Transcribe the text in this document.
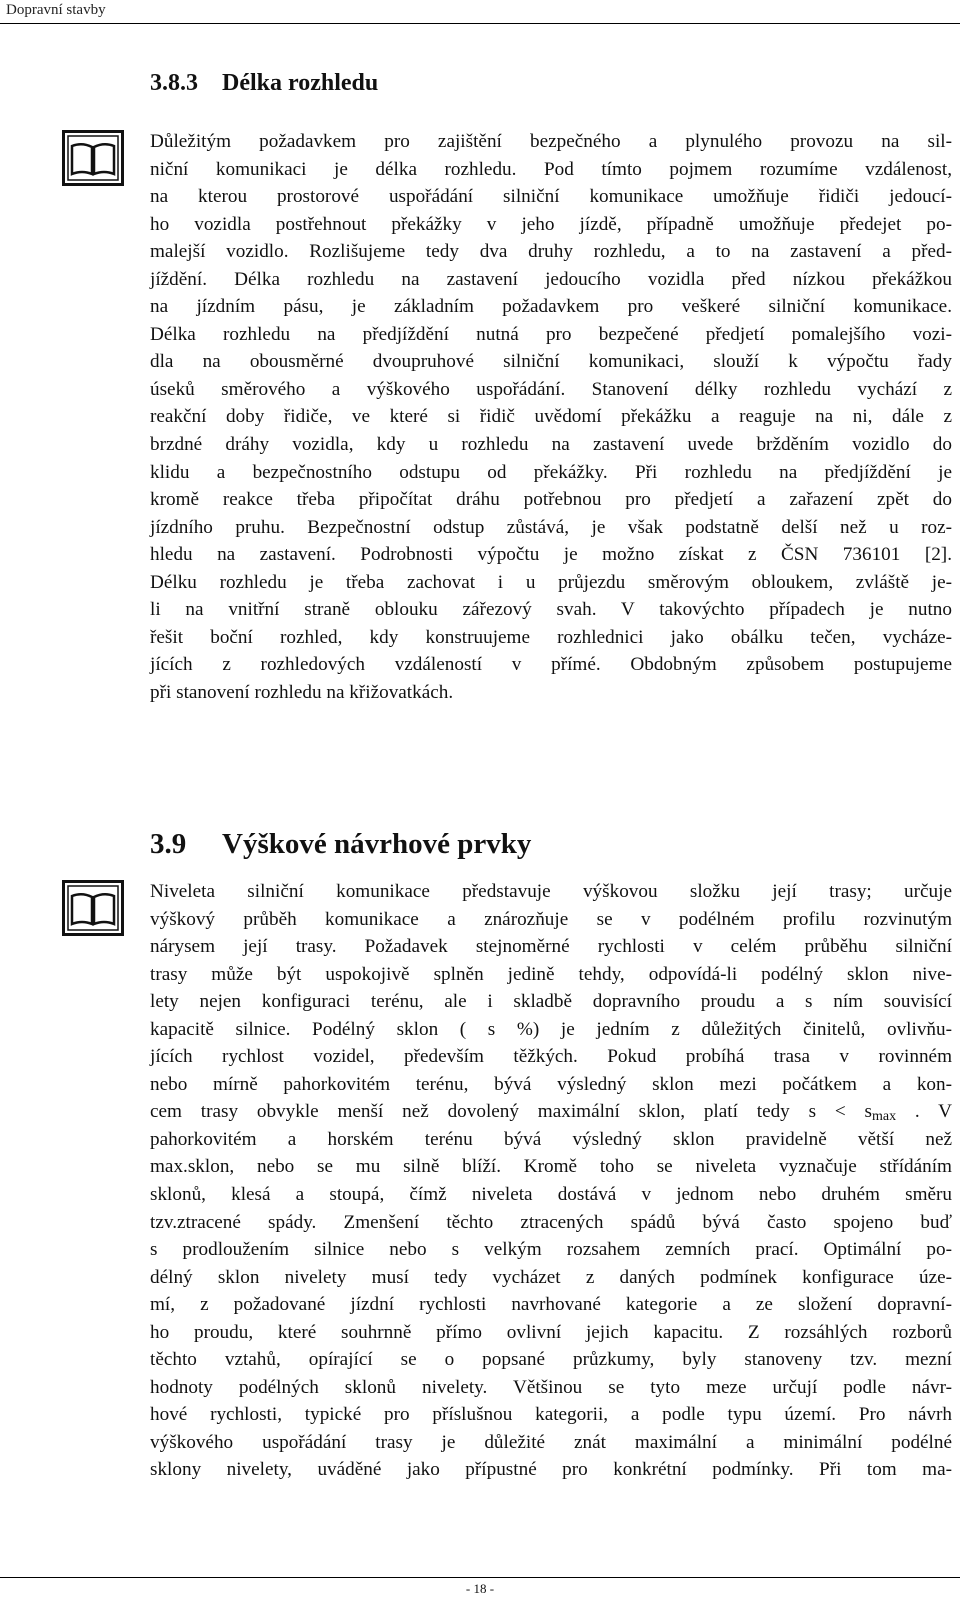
Dopravní stavby
3.8.3 Délka rozhledu
Důležitým požadavkem pro zajištění bezpečného a plynulého provozu na sil-
niční komunikaci je délka rozhledu. Pod tímto pojmem rozumíme vzdálenost,
na kterou prostorové uspořádání silniční komunikace umožňuje řidiči jedoucí-
ho vozidla postřehnout překážky v jeho jízdě, případně umožňuje předejet po-
malejší vozidlo. Rozlišujeme tedy dva druhy rozhledu, a to na zastavení a před-
jíždění. Délka rozhledu na zastavení jedoucího vozidla před nízkou překážkou
na jízdním pásu, je základním požadavkem pro veškeré silniční komunikace.
Délka rozhledu na předjíždění nutná pro bezpečené předjetí pomalejšího vozi-
dla na obousměrné dvoupruhové silniční komunikaci, slouží k výpočtu řady
úseků směrového a výškového uspořádání. Stanovení délky rozhledu vychází z
reakční doby řidiče, ve které si řidič uvědomí překážku a reaguje na ni, dále z
brzdné dráhy vozidla, kdy u rozhledu na zastavení uvede bržděním vozidlo do
klidu a bezpečnostního odstupu od překážky. Při rozhledu na předjíždění je
kromě reakce třeba připočítat dráhu potřebnou pro předjetí a zařazení zpět do
jízdního pruhu. Bezpečnostní odstup zůstává, je však podstatně delší než u roz-
hledu na zastavení. Podrobnosti výpočtu je možno získat z ČSN 736101 [2].
Délku rozhledu je třeba zachovat i u průjezdu směrovým obloukem, zvláště je-
li na vnitřní straně oblouku zářezový svah. V takovýchto případech je nutno
řešit boční rozhled, kdy konstruujeme rozhlednici jako obálku tečen, vycháze-
jících z rozhledových vzdáleností v přímé. Obdobným způsobem postupujeme
při stanovení rozhledu na křižovatkách.
3.9 Výškové návrhové prvky
Niveleta silniční komunikace představuje výškovou složku její trasy; určuje
výškový průběh komunikace a znározňuje se v podélném profilu rozvinutým
nárysem její trasy. Požadavek stejnoměrné rychlosti v celém průběhu silniční
trasy může být uspokojivě splněn jedině tehdy, odpovídá-li podélný sklon nive-
lety nejen konfiguraci terénu, ale i skladbě dopravního proudu a s ním souvisící
kapacitě silnice. Podélný sklon ( s %) je jedním z důležitých činitelů, ovlivňu-
jících rychlost vozidel, především těžkých. Pokud probíhá trasa v rovinném
nebo mírně pahorkovitém terénu, bývá výsledný sklon mezi počátkem a kon-
cem trasy obvykle menší než dovolený maximální sklon, platí tedy $s < s_{max}$ . V
pahorkovitém a horském terénu bývá výsledný sklon pravidelně větší než
max.sklon, nebo se mu silně blíží. Kromě toho se niveleta vyznačuje střídáním
sklonů, klesá a stoupá, čímž niveleta dostává v jednom nebo druhém směru
tzv.ztracené spády. Zmenšení těchto ztracených spádů bývá často spojeno buď
s prodloužením silnice nebo s velkým rozsahem zemních prací. Optimální po-
délný sklon nivelety musí tedy vycházet z daných podmínek konfigurace úze-
mí, z požadované jízdní rychlosti navrhované kategorie a ze složení dopravní-
ho proudu, které souhrnně přímo ovlivní jejich kapacitu. Z rozsáhlých rozborů
těchto vztahů, opírající se o popsané průzkumy, byly stanoveny tzv. mezní
hodnoty podélných sklonů nivelety. Většinou se tyto meze určují podle návr-
hové rychlosti, typické pro příslušnou kategorii, a podle typu území. Pro návrh
výškového uspořádání trasy je důležité znát maximální a minimální podélné
sklony nivelety, uváděné jako přípustné pro konkrétní podmínky. Při tom ma-
- 18 -
